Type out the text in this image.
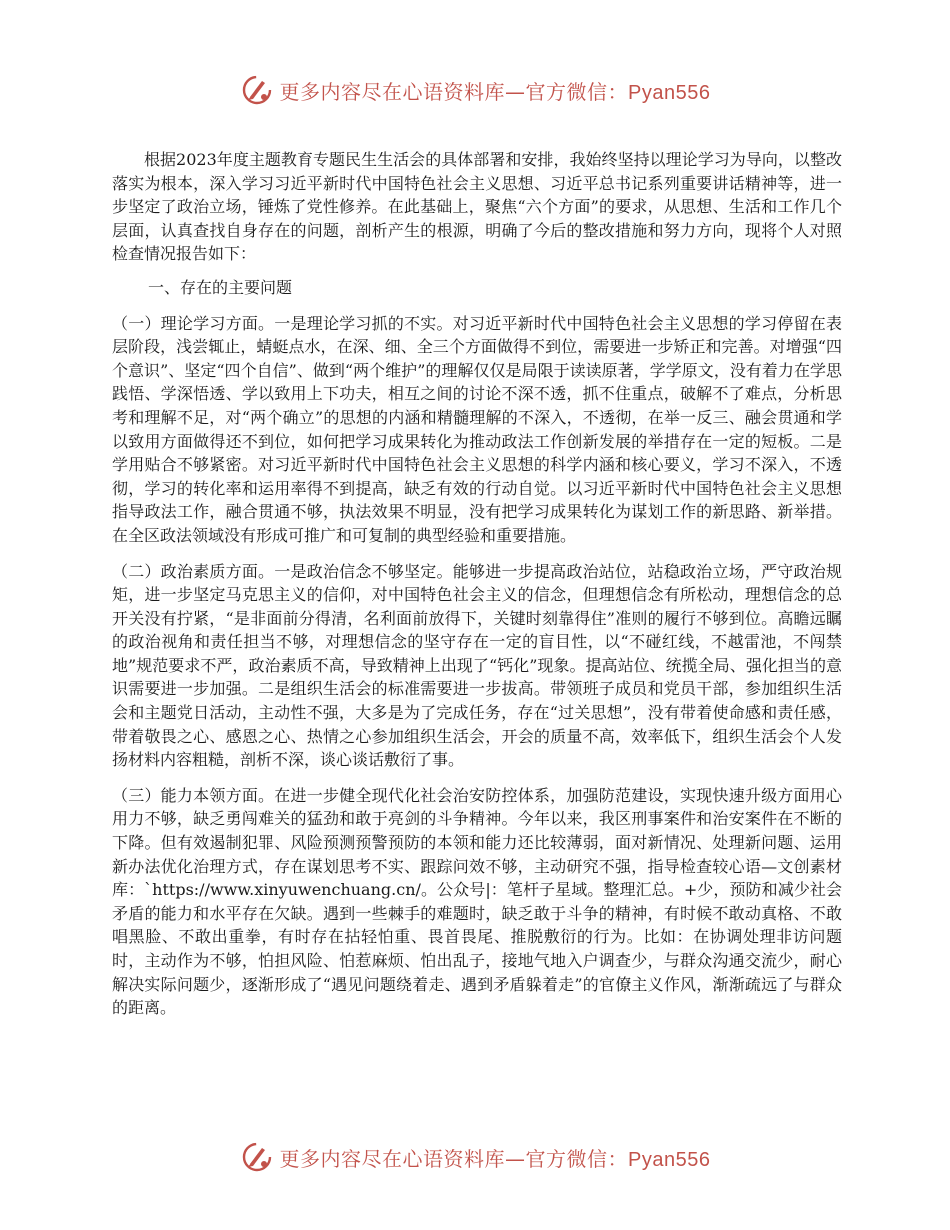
更多内容尽在心语资料库—官方微信：Pyan556

根据2023年度主题教育专题民生生活会的具体部署和安排，我始终坚持以理论学习为导向，以整改落实为根本，深入学习习近平新时代中国特色社会主义思想、习近平总书记系列重要讲话精神等，进一步坚定了政治立场，锤炼了党性修养。在此基础上，聚焦“六个方面”的要求，从思想、生活和工作几个层面，认真查找自身存在的问题，剖析产生的根源，明确了今后的整改措施和努力方向，现将个人对照检查情况报告如下：

一、存在的主要问题

（一）理论学习方面。一是理论学习抓的不实。对习近平新时代中国特色社会主义思想的学习停留在表层阶段，浅尝辄止，蜻蜓点水，在深、细、全三个方面做得不到位，需要进一步矫正和完善。对增强“四个意识”、坚定“四个自信”、做到“两个维护”的理解仅仅是局限于读读原著，学学原文，没有着力在学思践悟、学深悟透、学以致用上下功夫，相互之间的讨论不深不透，抓不住重点，破解不了难点，分析思考和理解不足，对“两个确立”的思想的内涵和精髓理解的不深入，不透彻，在举一反三、融会贯通和学以致用方面做得还不到位，如何把学习成果转化为推动政法工作创新发展的举措存在一定的短板。二是学用贴合不够紧密。对习近平新时代中国特色社会主义思想的科学内涵和核心要义，学习不深入，不透彻，学习的转化率和运用率得不到提高，缺乏有效的行动自觉。以习近平新时代中国特色社会主义思想指导政法工作，融合贯通不够，执法效果不明显，没有把学习成果转化为谋划工作的新思路、新举措。在全区政法领域没有形成可推广和可复制的典型经验和重要措施。

（二）政治素质方面。一是政治信念不够坚定。能够进一步提高政治站位，站稳政治立场，严守政治规矩，进一步坚定马克思主义的信仰，对中国特色社会主义的信念，但理想信念有所松动，理想信念的总开关没有拧紧，“是非面前分得清，名利面前放得下，关键时刻靠得住”准则的履行不够到位。高瞻远瞩的政治视角和责任担当不够，对理想信念的坚守存在一定的盲目性，以“不碰红线，不越雷池，不闯禁地”规范要求不严，政治素质不高，导致精神上出现了“钙化”现象。提高站位、统揽全局、强化担当的意识需要进一步加强。二是组织生活会的标准需要进一步拔高。带领班子成员和党员干部，参加组织生活会和主题党日活动，主动性不强，大多是为了完成任务，存在“过关思想”，没有带着使命感和责任感，带着敬畏之心、感恩之心、热情之心参加组织生活会，开会的质量不高，效率低下，组织生活会个人发扬材料内容粗糙，剖析不深，谈心谈话敷衍了事。

（三）能力本领方面。在进一步健全现代化社会治安防控体系，加强防范建设，实现快速升级方面用心用力不够，缺乏勇闯难关的猛劲和敢于亮剑的斗争精神。今年以来，我区刑事案件和治安案件在不断的下降。但有效遏制犯罪、风险预测预警预防的本领和能力还比较薄弱，面对新情况、处理新问题、运用新办法优化治理方式，存在谋划思考不实、跟踪问效不够，主动研究不强，指导检查较心语—文创素材库：`https://www.xinyuwenchuang.cn/。公众号|：笔杆子星域。整理汇总。+少，预防和减少社会矛盾的能力和水平存在欠缺。遇到一些棘手的难题时，缺乏敢于斗争的精神，有时候不敢动真格、不敢唱黑脸、不敢出重拳，有时存在拈轻怕重、畏首畏尾、推脱敷衍的行为。比如：在协调处理非访问题时，主动作为不够，怕担风险、怕惹麻烦、怕出乱子，接地气地入户调查少，与群众沟通交流少，耐心解决实际问题少，逐渐形成了“遇见问题绕着走、遇到矛盾躲着走”的官僚主义作风，渐渐疏远了与群众的距离。

更多内容尽在心语资料库—官方微信：Pyan556
